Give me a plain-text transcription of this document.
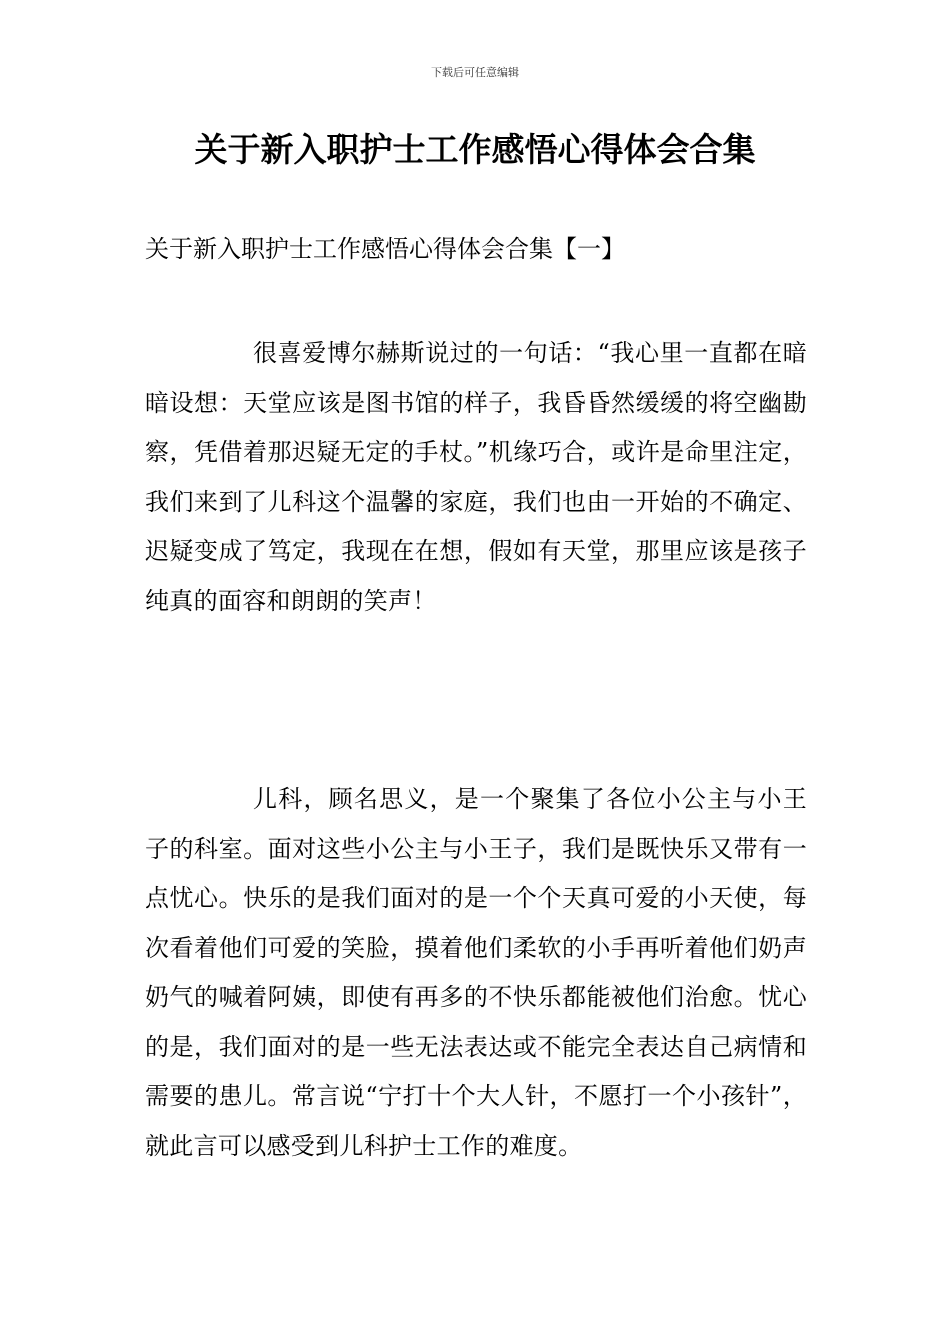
下载后可任意编辑
关于新入职护士工作感悟心得体会合集
关于新入职护士工作感悟心得体会合集【一】

很喜爱博尔赫斯说过的一句话：“我心里一直都在暗暗设想：天堂应该是图书馆的样子，我昏昏然缓缓的将空幽勘察，凭借着那迟疑无定的手杖。”机缘巧合，或许是命里注定，我们来到了儿科这个温馨的家庭，我们也由一开始的不确定、迟疑变成了笃定，我现在在想，假如有天堂，那里应该是孩子纯真的面容和朗朗的笑声！

儿科，顾名思义，是一个聚集了各位小公主与小王子的科室。面对这些小公主与小王子，我们是既快乐又带有一点忧心。快乐的是我们面对的是一个个天真可爱的小天使，每次看着他们可爱的笑脸，摸着他们柔软的小手再听着他们奶声奶气的喊着阿姨，即使有再多的不快乐都能被他们治愈。忧心的是，我们面对的是一些无法表达或不能完全表达自己病情和需要的患儿。常言说“宁打十个大人针，不愿打一个小孩针”，就此言可以感受到儿科护士工作的难度。
